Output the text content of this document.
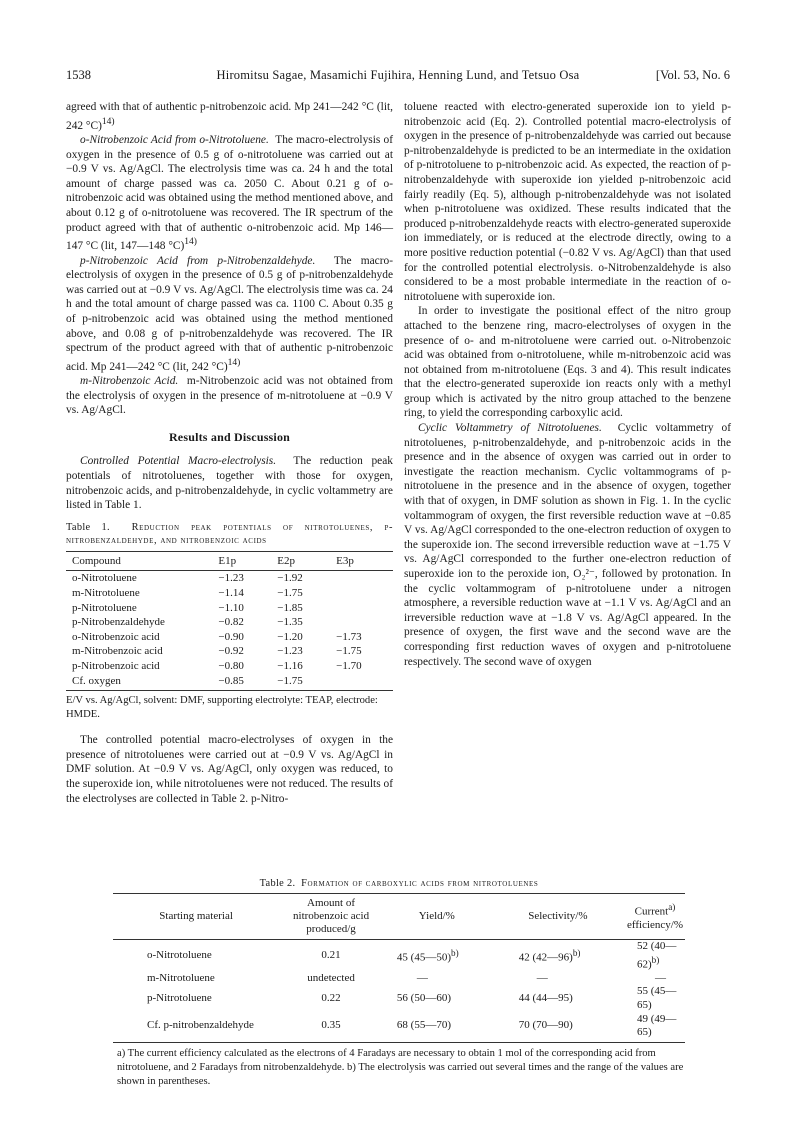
1538	Hiromitsu Sagae, Masamichi Fujihira, Henning Lund, and Tetsuo Osa	[Vol. 53, No. 6

agreed with that of authentic p-nitrobenzoic acid. Mp 241—242 °C (lit, 242 °C)$^{14)}$

o-Nitrobenzoic Acid from o-Nitrotoluene. The macro-electrolysis of oxygen in the presence of 0.5 g of o-nitrotoluene was carried out at −0.9 V vs. Ag/AgCl. The electrolysis time was ca. 24 h and the total amount of charge passed was ca. 2050 C. About 0.21 g of o-nitrobenzoic acid was obtained using the method mentioned above, and about 0.12 g of o-nitrotoluene was recovered. The IR spectrum of the product agreed with that of authentic o-nitrobenzoic acid. Mp 146—147 °C (lit, 147—148 °C)$^{14)}$

p-Nitrobenzoic Acid from p-Nitrobenzaldehyde. The macro-electrolysis of oxygen in the presence of 0.5 g of p-nitrobenzaldehyde was carried out at −0.9 V vs. Ag/AgCl. The electrolysis time was ca. 24 h and the total amount of charge passed was ca. 1100 C. About 0.35 g of p-nitrobenzoic acid was obtained using the method mentioned above, and 0.08 g of p-nitrobenzaldehyde was recovered. The IR spectrum of the product agreed with that of authentic p-nitrobenzoic acid. Mp 241—242 °C (lit, 242 °C)$^{14)}$

m-Nitrobenzoic Acid. m-Nitrobenzoic acid was not obtained from the electrolysis of oxygen in the presence of m-nitrotoluene at −0.9 V vs. Ag/AgCl.

Results and Discussion

Controlled Potential Macro-electrolysis. The reduction peak potentials of nitrotoluenes, together with those for oxygen, nitrobenzoic acids, and p-nitrobenzaldehyde, in cyclic voltammetry are listed in Table 1.

Table 1. Reduction peak potentials of nitrotoluenes, p-nitrobenzaldehyde, and nitrobenzoic acids
Compound	E1p	E2p	E3p
o-Nitrotoluene	−1.23	−1.92	
m-Nitrotoluene	−1.14	−1.75	
p-Nitrotoluene	−1.10	−1.85	
p-Nitrobenzaldehyde	−0.82	−1.35	
o-Nitrobenzoic acid	−0.90	−1.20	−1.73
m-Nitrobenzoic acid	−0.92	−1.23	−1.75
p-Nitrobenzoic acid	−0.80	−1.16	−1.70
Cf. oxygen	−0.85	−1.75	
E/V vs. Ag/AgCl, solvent: DMF, supporting electrolyte: TEAP, electrode: HMDE.

The controlled potential macro-electrolyses of oxygen in the presence of nitrotoluenes were carried out at −0.9 V vs. Ag/AgCl in DMF solution. At −0.9 V vs. Ag/AgCl, only oxygen was reduced, to the superoxide ion, while nitrotoluenes were not reduced. The results of the electrolyses are collected in Table 2. p-Nitro-

toluene reacted with electro-generated superoxide ion to yield p-nitrobenzoic acid (Eq. 2). Controlled potential macro-electrolysis of oxygen in the presence of p-nitrobenzaldehyde was carried out because p-nitrobenzaldehyde is predicted to be an intermediate in the oxidation of p-nitrotoluene to p-nitrobenzoic acid. As expected, the reaction of p-nitrobenzaldehyde with superoxide ion yielded p-nitrobenzoic acid fairly readily (Eq. 5), although p-nitrobenzaldehyde was not isolated when p-nitrotoluene was oxidized. These results indicated that the produced p-nitrobenzaldehyde reacts with electro-generated superoxide ion immediately, or is reduced at the electrode directly, owing to a more positive reduction potential (−0.82 V vs. Ag/AgCl) than that used for the controlled potential electrolysis. o-Nitrobenzaldehyde is also considered to be a most probable intermediate in the reaction of o-nitrotoluene with superoxide ion.

In order to investigate the positional effect of the nitro group attached to the benzene ring, macro-electrolyses of oxygen in the presence of o- and m-nitrotoluene were carried out. o-Nitrobenzoic acid was obtained from o-nitrotoluene, while m-nitrobenzoic acid was not obtained from m-nitrotoluene (Eqs. 3 and 4). This result indicates that the electro-generated superoxide ion reacts only with a methyl group which is activated by the nitro group attached to the benzene ring, to yield the corresponding carboxylic acid.

Cyclic Voltammetry of Nitrotoluenes. Cyclic voltammetry of nitrotoluenes, p-nitrobenzaldehyde, and p-nitrobenzoic acids in the presence and in the absence of oxygen was carried out in order to investigate the reaction mechanism. Cyclic voltammograms of p-nitrotoluene in the presence and in the absence of oxygen, together with that of oxygen, in DMF solution as shown in Fig. 1. In the cyclic voltammogram of oxygen, the first reversible reduction wave at −0.85 V vs. Ag/AgCl corresponded to the one-electron reduction of oxygen to the superoxide ion. The second irreversible reduction wave at −1.75 V vs. Ag/AgCl corresponded to the further one-electron reduction of superoxide ion to the peroxide ion, O₂²⁻, followed by protonation. In the cyclic voltammogram of p-nitrotoluene under a nitrogen atmosphere, a reversible reduction wave at −1.1 V vs. Ag/AgCl and an irreversible reduction wave at −1.8 V vs. Ag/AgCl appeared. In the presence of oxygen, the first wave and the second wave are the corresponding first reduction waves of oxygen and p-nitrotoluene respectively. The second wave of oxygen

Table 2. Formation of carboxylic acids from nitrotoluenes
Starting material	Amount of nitrobenzoic acid produced/g	Yield/%	Selectivity/%	Current$^{a)}$
efficiency/%
o-Nitrotoluene	0.21	45 (45—50)$^{b)}$	42 (42—96)$^{b)}$	52 (40—62)$^{b)}$
m-Nitrotoluene	undetected	—	—	—
p-Nitrotoluene	0.22	56 (50—60)	44 (44—95)	55 (45—65)
Cf. p-nitrobenzaldehyde	0.35	68 (55—70)	70 (70—90)	49 (49—65)
a) The current efficiency calculated as the electrons of 4 Faradays are necessary to obtain 1 mol of the corresponding acid from nitrotoluene, and 2 Faradays from nitrobenzaldehyde. b) The electrolysis was carried out several times and the range of the values are shown in parentheses.
